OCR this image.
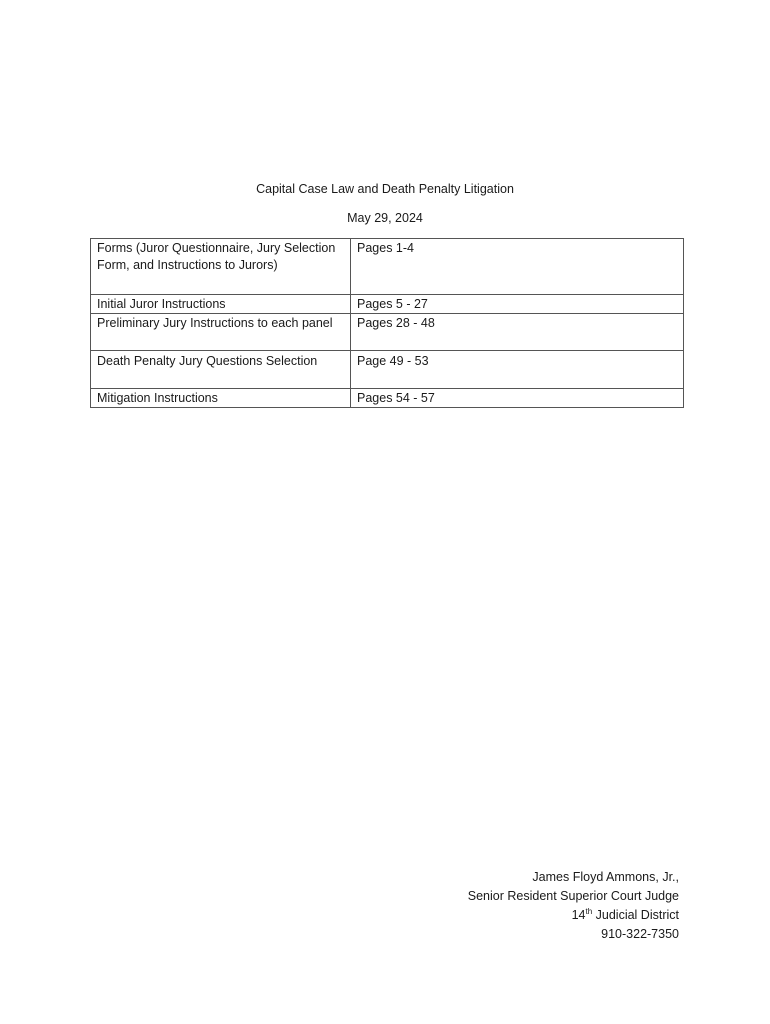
Capital Case Law and Death Penalty Litigation
May 29, 2024
Forms (Juror Questionnaire, Jury Selection Form, and Instructions to Jurors)	Pages 1-4
Initial Juror Instructions	Pages 5 - 27
Preliminary Jury Instructions to each panel	Pages 28 - 48
Death Penalty Jury Questions Selection	Page 49 - 53
Mitigation Instructions	Pages 54 - 57
James Floyd Ammons, Jr.,
Senior Resident Superior Court Judge
14th Judicial District
910-322-7350
